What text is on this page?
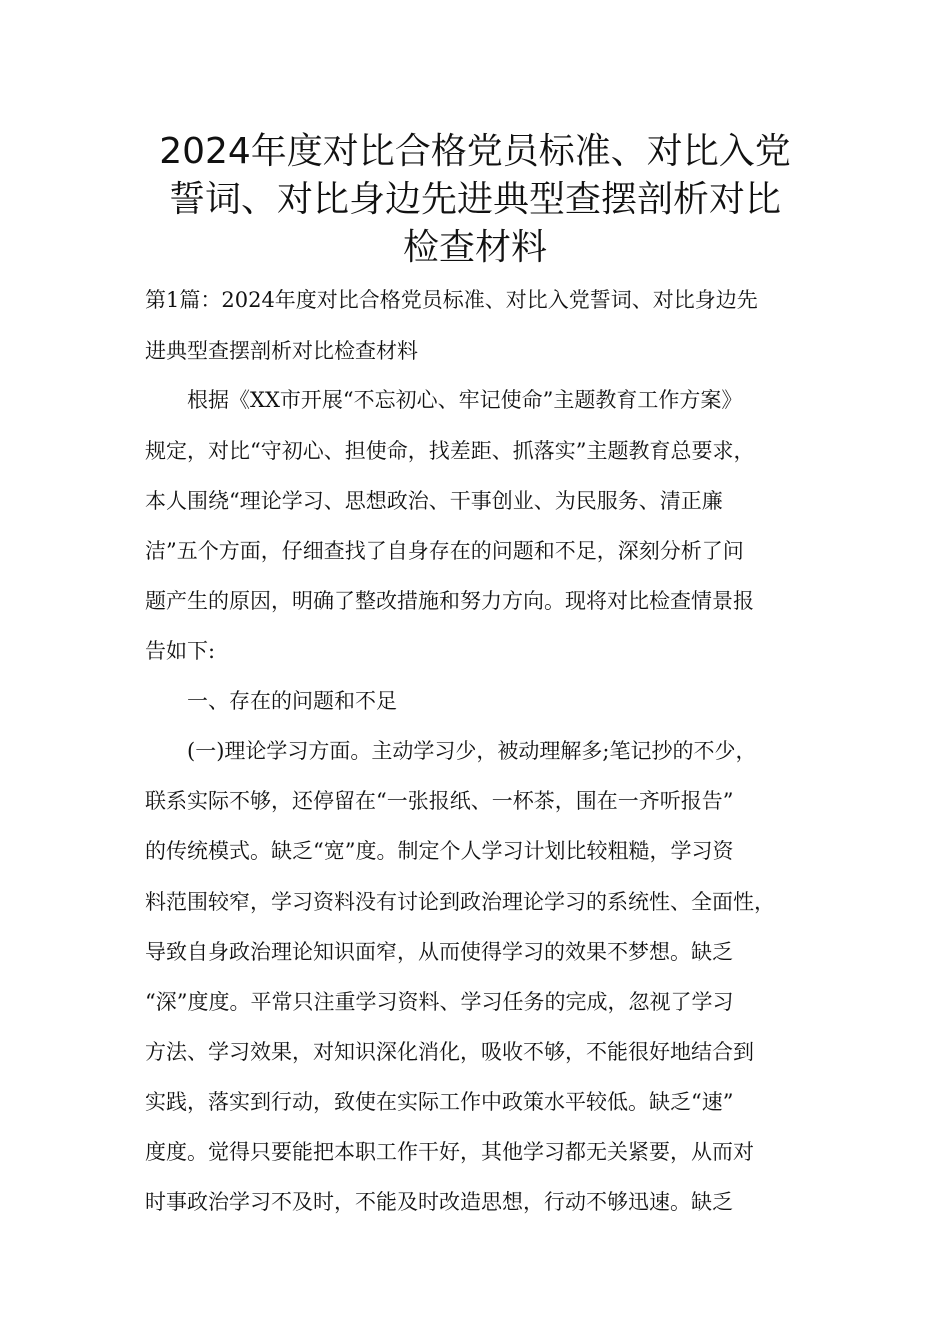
2024年度对比合格党员标准、对比入党
誓词、对比身边先进典型查摆剖析对比
检查材料
第1篇：2024年度对比合格党员标准、对比入党誓词、对比身边先
进典型查摆剖析对比检查材料
　　根据《XX市开展“不忘初心、牢记使命”主题教育工作方案》
规定，对比“守初心、担使命，找差距、抓落实”主题教育总要求，
本人围绕“理论学习、思想政治、干事创业、为民服务、清正廉
洁”五个方面，仔细查找了自身存在的问题和不足，深刻分析了问
题产生的原因，明确了整改措施和努力方向。现将对比检查情景报
告如下:
　　一、存在的问题和不足
　　(一)理论学习方面。主动学习少，被动理解多;笔记抄的不少，
联系实际不够，还停留在“一张报纸、一杯茶，围在一齐听报告”
的传统模式。缺乏“宽”度。制定个人学习计划比较粗糙，学习资
料范围较窄，学习资料没有讨论到政治理论学习的系统性、全面性，
导致自身政治理论知识面窄，从而使得学习的效果不梦想。缺乏
“深”度度。平常只注重学习资料、学习任务的完成，忽视了学习
方法、学习效果，对知识深化消化，吸收不够，不能很好地结合到
实践，落实到行动，致使在实际工作中政策水平较低。缺乏“速”
度度。觉得只要能把本职工作干好，其他学习都无关紧要，从而对
时事政治学习不及时，不能及时改造思想，行动不够迅速。缺乏
